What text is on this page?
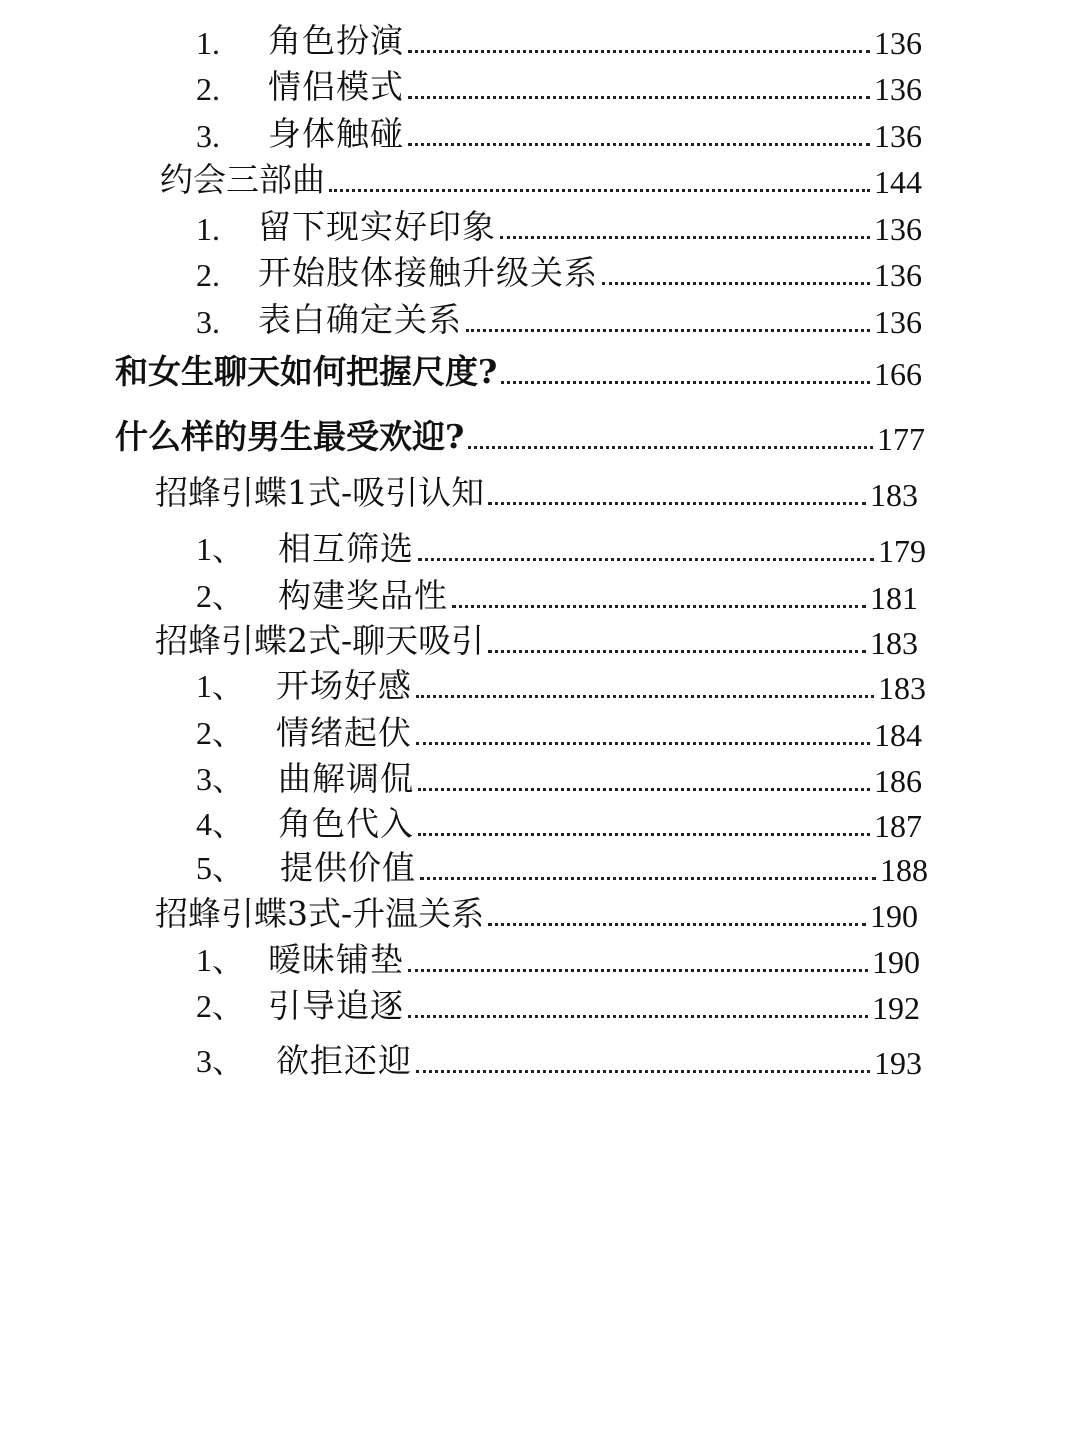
1.	角色扮演	136
2.	情侣模式	136
3.	身体触碰	136
约会三部曲	144
1.	留下现实好印象	136
2.	开始肢体接触升级关系	136
3.	表白确定关系	136
和女生聊天如何把握尺度?	166
什么样的男生最受欢迎?	177
招蜂引蝶1式-吸引认知	183
1、	相互筛选	179
2、	构建奖品性	181
招蜂引蝶2式-聊天吸引	183
1、 开场好感	183
2、 情绪起伏	184
3、	曲解调侃	186
4、	角色代入	187
5、	提供价值	188
招蜂引蝶3式-升温关系	190
1、 暧昧铺垫	190
2、 引导追逐	192
3、 欲拒还迎	193
